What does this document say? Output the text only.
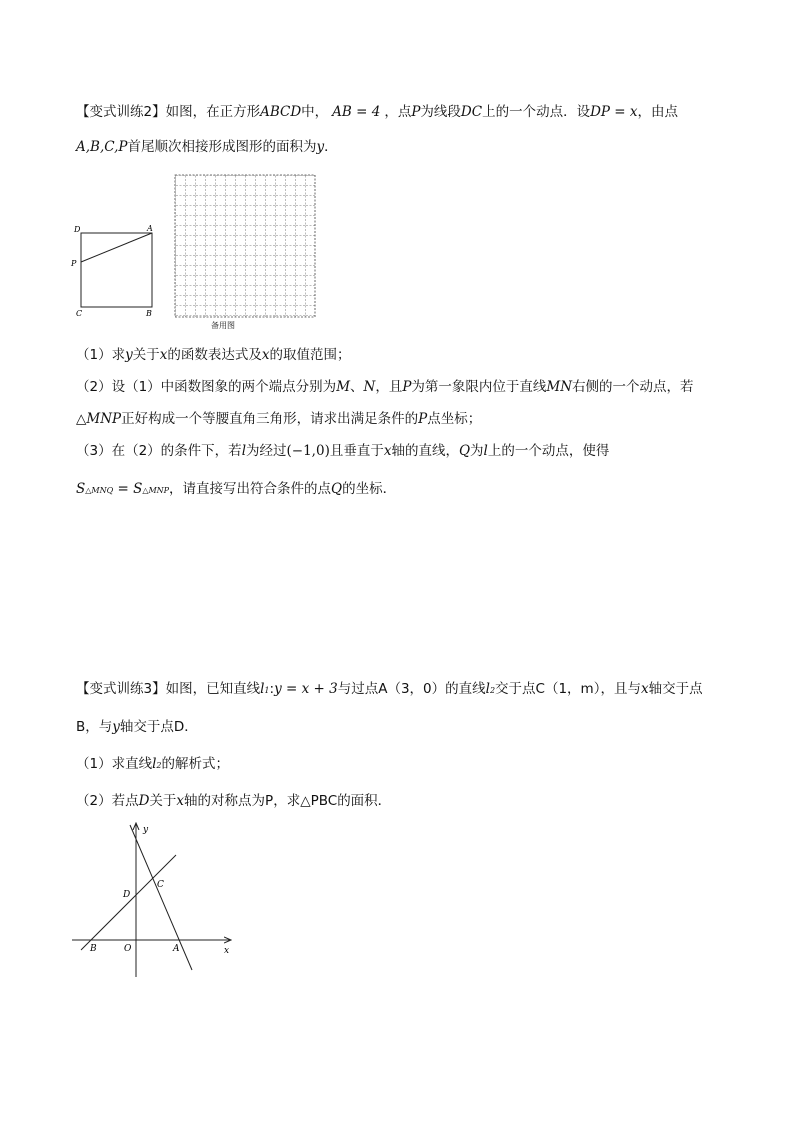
【变式训练2】如图，在正方形ABCD中， AB = 4 ，点P为线段DC上的一个动点．设DP = x，由点
A,B,C,P首尾顺次相接形成图形的面积为y．
D	A
P
C	B
备用图
（1）求y关于x的函数表达式及x的取值范围；
（2）设（1）中函数图象的两个端点分别为M、N，且P为第一象限内位于直线MN右侧的一个动点，若
△MNP正好构成一个等腰直角三角形，请求出满足条件的P点坐标；
（3）在（2）的条件下，若l为经过(−1,0)且垂直于x轴的直线，Q为l上的一个动点，使得
S△MNQ = S△MNP，请直接写出符合条件的点Q的坐标．
【变式训练3】如图，已知直线l1:y = x + 3与过点A（3，0）的直线l2交于点C（1，m），且与x轴交于点
B，与y轴交于点D．
（1）求直线l2的解析式；
（2）若点D关于x轴的对称点为P，求△PBC的面积．
y
x
O
B	A
D
C
